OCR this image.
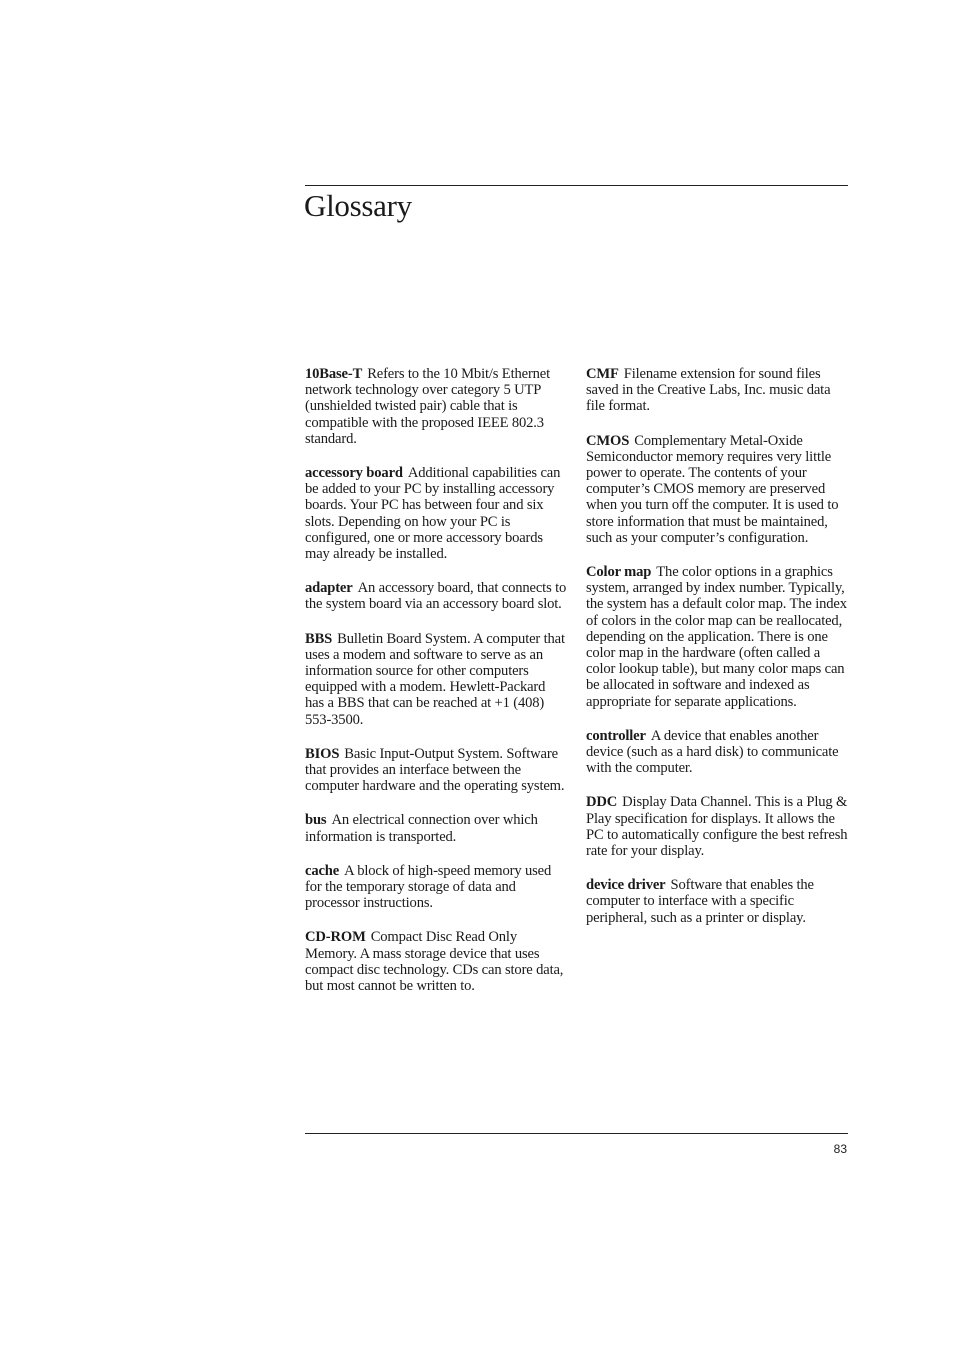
Glossary

10Base-T Refers to the 10 Mbit/s Ethernet network technology over category 5 UTP (unshielded twisted pair) cable that is compatible with the proposed IEEE 802.3 standard.

accessory board Additional capabilities can be added to your PC by installing accessory boards. Your PC has between four and six slots. Depending on how your PC is configured, one or more accessory boards may already be installed.

adapter An accessory board, that connects to the system board via an accessory board slot.

BBS Bulletin Board System. A computer that uses a modem and software to serve as an information source for other computers equipped with a modem. Hewlett-Packard has a BBS that can be reached at +1 (408) 553-3500.

BIOS Basic Input-Output System. Software that provides an interface between the computer hardware and the operating system.

bus An electrical connection over which information is transported.

cache A block of high-speed memory used for the temporary storage of data and processor instructions.

CD-ROM Compact Disc Read Only Memory. A mass storage device that uses compact disc technology. CDs can store data, but most cannot be written to.

CMF Filename extension for sound files saved in the Creative Labs, Inc. music data file format.

CMOS Complementary Metal-Oxide Semiconductor memory requires very little power to operate. The contents of your computer’s CMOS memory are preserved when you turn off the computer. It is used to store information that must be maintained, such as your computer’s configuration.

Color map The color options in a graphics system, arranged by index number. Typically, the system has a default color map. The index of colors in the color map can be reallocated, depending on the application. There is one color map in the hardware (often called a color lookup table), but many color maps can be allocated in software and indexed as appropriate for separate applications.

controller A device that enables another device (such as a hard disk) to communicate with the computer.

DDC Display Data Channel. This is a Plug & Play specification for displays. It allows the PC to automatically configure the best refresh rate for your display.

device driver Software that enables the computer to interface with a specific peripheral, such as a printer or display.

83
